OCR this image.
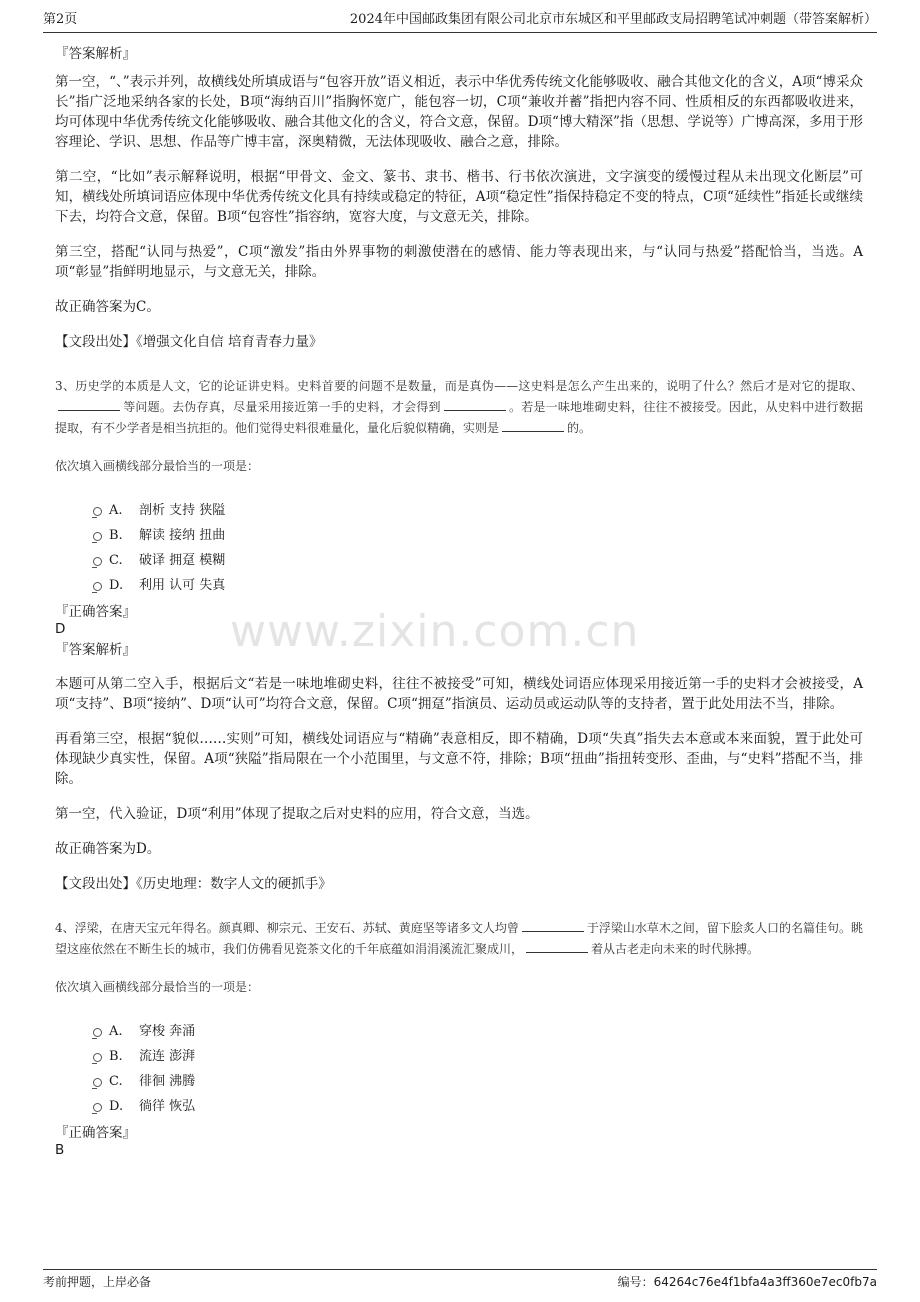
第2页	2024年中国邮政集团有限公司北京市东城区和平里邮政支局招聘笔试冲刺题（带答案解析）
www.zixin.com.cn
『答案解析』

第一空，“、”表示并列，故横线处所填成语与“包容开放”语义相近，表示中华优秀传统文化能够吸收、融合其他文化的含义，A项“博采众长”指广泛地采纳各家的长处，B项“海纳百川”指胸怀宽广，能包容一切，C项“兼收并蓄”指把内容不同、性质相反的东西都吸收进来，均可体现中华优秀传统文化能够吸收、融合其他文化的含义，符合文意，保留。D项“博大精深”指（思想、学说等）广博高深，多用于形容理论、学识、思想、作品等广博丰富，深奥精微，无法体现吸收、融合之意，排除。

第二空，“比如”表示解释说明，根据“甲骨文、金文、篆书、隶书、楷书、行书依次演进，文字演变的缓慢过程从未出现文化断层”可知，横线处所填词语应体现中华优秀传统文化具有持续或稳定的特征，A项“稳定性”指保持稳定不变的特点，C项“延续性”指延长或继续下去，均符合文意，保留。B项“包容性”指容纳，宽容大度，与文意无关，排除。

第三空，搭配“认同与热爱”，C项“激发”指由外界事物的刺激使潜在的感情、能力等表现出来，与“认同与热爱”搭配恰当，当选。A项“彰显”指鲜明地显示，与文意无关，排除。

故正确答案为C。

【文段出处】《增强文化自信 培育青春力量》

3、历史学的本质是人文，它的论证讲史料。史料首要的问题不是数量，而是真伪——这史料是怎么产生出来的，说明了什么？然后才是对它的提取、等问题。去伪存真，尽量采用接近第一手的史料，才会得到	。若是一味地堆砌史料，往往不被接受。因此，从史料中进行数据提取，有不少学者是相当抗拒的。他们觉得史料很难量化，量化后貌似精确，实则是	的。

依次填入画横线部分最恰当的一项是：

A. 剖析 支持 狭隘
B. 解读 接纳 扭曲
C. 破译 拥趸 模糊
D. 利用 认可 失真
『正确答案』
D
『答案解析』

本题可从第二空入手，根据后文“若是一味地堆砌史料，往往不被接受”可知，横线处词语应体现采用接近第一手的史料才会被接受，A项“支持”、B项“接纳”、D项“认可”均符合文意，保留。C项“拥趸”指演员、运动员或运动队等的支持者，置于此处用法不当，排除。

再看第三空，根据“貌似……实则”可知，横线处词语应与“精确”表意相反，即不精确，D项“失真”指失去本意或本来面貌，置于此处可体现缺少真实性，保留。A项“狭隘”指局限在一个小范围里，与文意不符，排除；B项“扭曲”指扭转变形、歪曲，与“史料”搭配不当，排除。

第一空，代入验证，D项“利用”体现了提取之后对史料的应用，符合文意，当选。

故正确答案为D。

【文段出处】《历史地理：数字人文的硬抓手》

4、浮梁，在唐天宝元年得名。颜真卿、柳宗元、王安石、苏轼、黄庭坚等诸多文人均曾	于浮梁山水草木之间，留下脍炙人口的名篇佳句。眺望这座依然在不断生长的城市，我们仿佛看见瓷茶文化的千年底蕴如涓涓溪流汇聚成川，	着从古老走向未来的时代脉搏。

依次填入画横线部分最恰当的一项是：

A. 穿梭 奔涌
B. 流连 澎湃
C. 徘徊 沸腾
D. 徜徉 恢弘
『正确答案』
B
考前押题，上岸必备	编号：64264c76e4f1bfa4a3ff360e7ec0fb7a
